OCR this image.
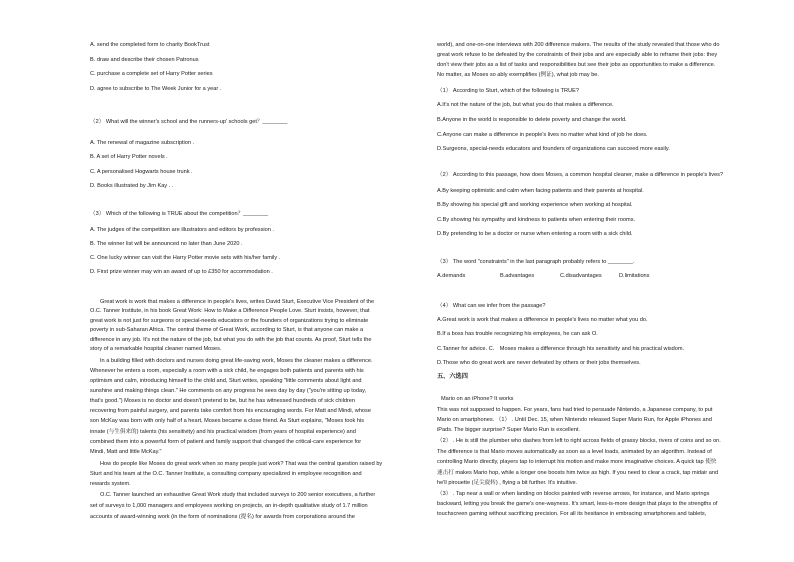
A. send the completed form to charity BookTrust
B. draw and describe their chosen Patronus
C. purchase a complete set of Harry Potter series
D. agree to subscribe to The Week Junior for a year .
（2） What will the winner's school and the runners-up' schools get？________
A. The renewal of magazine subscription .
B. A set of Harry Potter novels .
C. A personalised Hogwarts house trunk .
D. Books illustrated by Jim Kay . .
（3） Which of the following is TRUE about the competition？________
A. The judges of the competition are illustrators and editors by profession .
B. The winner list will be announced no later than June 2020 .
C. One lucky winner can visit the Harry Potter movie sets with his/her family .
D. First prize winner may win an award of up to £350 for accommodation .
Great work is work that makes a difference in people's lives, writes David Sturt, Executive Vice President of the
O.C. Tanner Institute, in his book Great Work: How to Make a Difference People Love. Sturt insists, however, that
great work is not just for surgeons or special-needs educators or the founders of organizations trying to eliminate
poverty in sub-Saharan Africa. The central theme of Great Work, according to Sturt, is that anyone can make a
difference in any job. It's not the nature of the job, but what you do with the job that counts. As proof, Sturt tells the
story of a remarkable hospital cleaner named Moses.
In a building filled with doctors and nurses doing great life-saving work, Moses the cleaner makes a difference.
Whenever he enters a room, especially a room with a sick child, he engages both patients and parents with his
optimism and calm, introducing himself to the child and, Sturt writes, speaking "little comments about light and
sunshine and making things clean." He comments on any progress he sees day by day ("you're sitting up today,
that's good.") Moses is no doctor and doesn't pretend to be, but he has witnessed hundreds of sick children
recovering from painful surgery, and parents take comfort from his encouraging words. For Matt and Mindi, whose
son McKay was born with only half of a heart, Moses became a close friend. As Sturt explains, "Moses took his
innate (与生俱来的) talents (his sensitivity) and his practical wisdom (from years of hospital experience) and
combined them into a powerful form of patient and family support that changed the critical-care experience for
Mindi, Matt and little McKay."
How do people like Moses do great work when so many people just work? That was the central question raised by
Sturt and his team at the O.C. Tanner Institute, a consulting company specialized in employee recognition and
rewards system.
O.C. Tanner launched an exhaustive Great Work study that included surveys to 200 senior executives, a further
set of surveys to 1,000 managers and employees working on projects, an in-depth qualitative study of 1.7 million
accounts of award-winning work (in the form of nominations (提名) for awards from corporations around the
world), and one-on-one interviews with 200 difference makers. The results of the study revealed that those who do
great work refuse to be defeated by the constraints of their jobs and are especially able to reframe their jobs: they
don't view their jobs as a list of tasks and responsibilities but see their jobs as opportunities to make a difference.
No matter, as Moses so ably exemplifies (例证), what job may be.
（1） According to Sturt, which of the following is TRUE?
A.It's not the nature of the job, but what you do that makes a difference.
B.Anyone in the world is responsible to delete poverty and change the world.
C.Anyone can make a difference in people's lives no matter what kind of job he does.
D.Surgeons, special-needs educators and founders of organizations can succeed more easily.
（2） According to this passage, how does Moses, a common hospital cleaner, make a difference in people's lives?
A.By keeping optimistic and calm when facing patients and their parents at hospital.
B.By showing his special gift and working experience when working at hospital.
C.By showing his sympathy and kindness to patients when entering their rooms.
D.By pretending to be a doctor or nurse when entering a room with a sick child.
（3） The word "constraints" in the last paragraph probably refers to ________.
A.demands	B.advantages	C.disadvantages	D.limitations
（4） What can we infer from the passage?
A.Great work is work that makes a difference in people's lives no matter what you do.
B.If a boss has trouble recognizing his employees, he can ask O.
C.Tanner for advice. C． Moses makes a difference through his sensitivity and his practical wisdom.
D.Those who do great work are never defeated by others or their jobs themselves.
五、六选四
Mario on an iPhone? It works
This was not supposed to happen. For years, fans had tried to persuade Nintendo, a Japanese company, to put
Mario on smartphones. （1） . Until Dec. 15, when Nintendo released Super Mario Run, for Apple iPhones and
iPads. The bigger surprise? Super Mario Run is excellent.
（2） . He is still the plumber who dashes from left to right across fields of grassy blocks, rivers of coins and so on.
The difference is that Mario moves automatically as soon as a level loads, animated by an algorithm. Instead of
controlling Mario directly, players tap to interrupt his motion and make more imaginative choices. A quick tap 使快
速击打 makes Mario hop, while a longer one boosts him twice as high. If you need to clear a crack, tap midair and
he'll pirouette (足尖旋转) , flying a bit further. It's intuitive.
（3） . Tap near a wall or when landing on blocks painted with reverse arrows, for instance, and Mario springs
backward, letting you break the game's one-wayness. It's smart, less-is-more design that plays to the strengths of
touchscreen gaming without sacrificing precision. For all its hesitance in embracing smartphones and tablets,
